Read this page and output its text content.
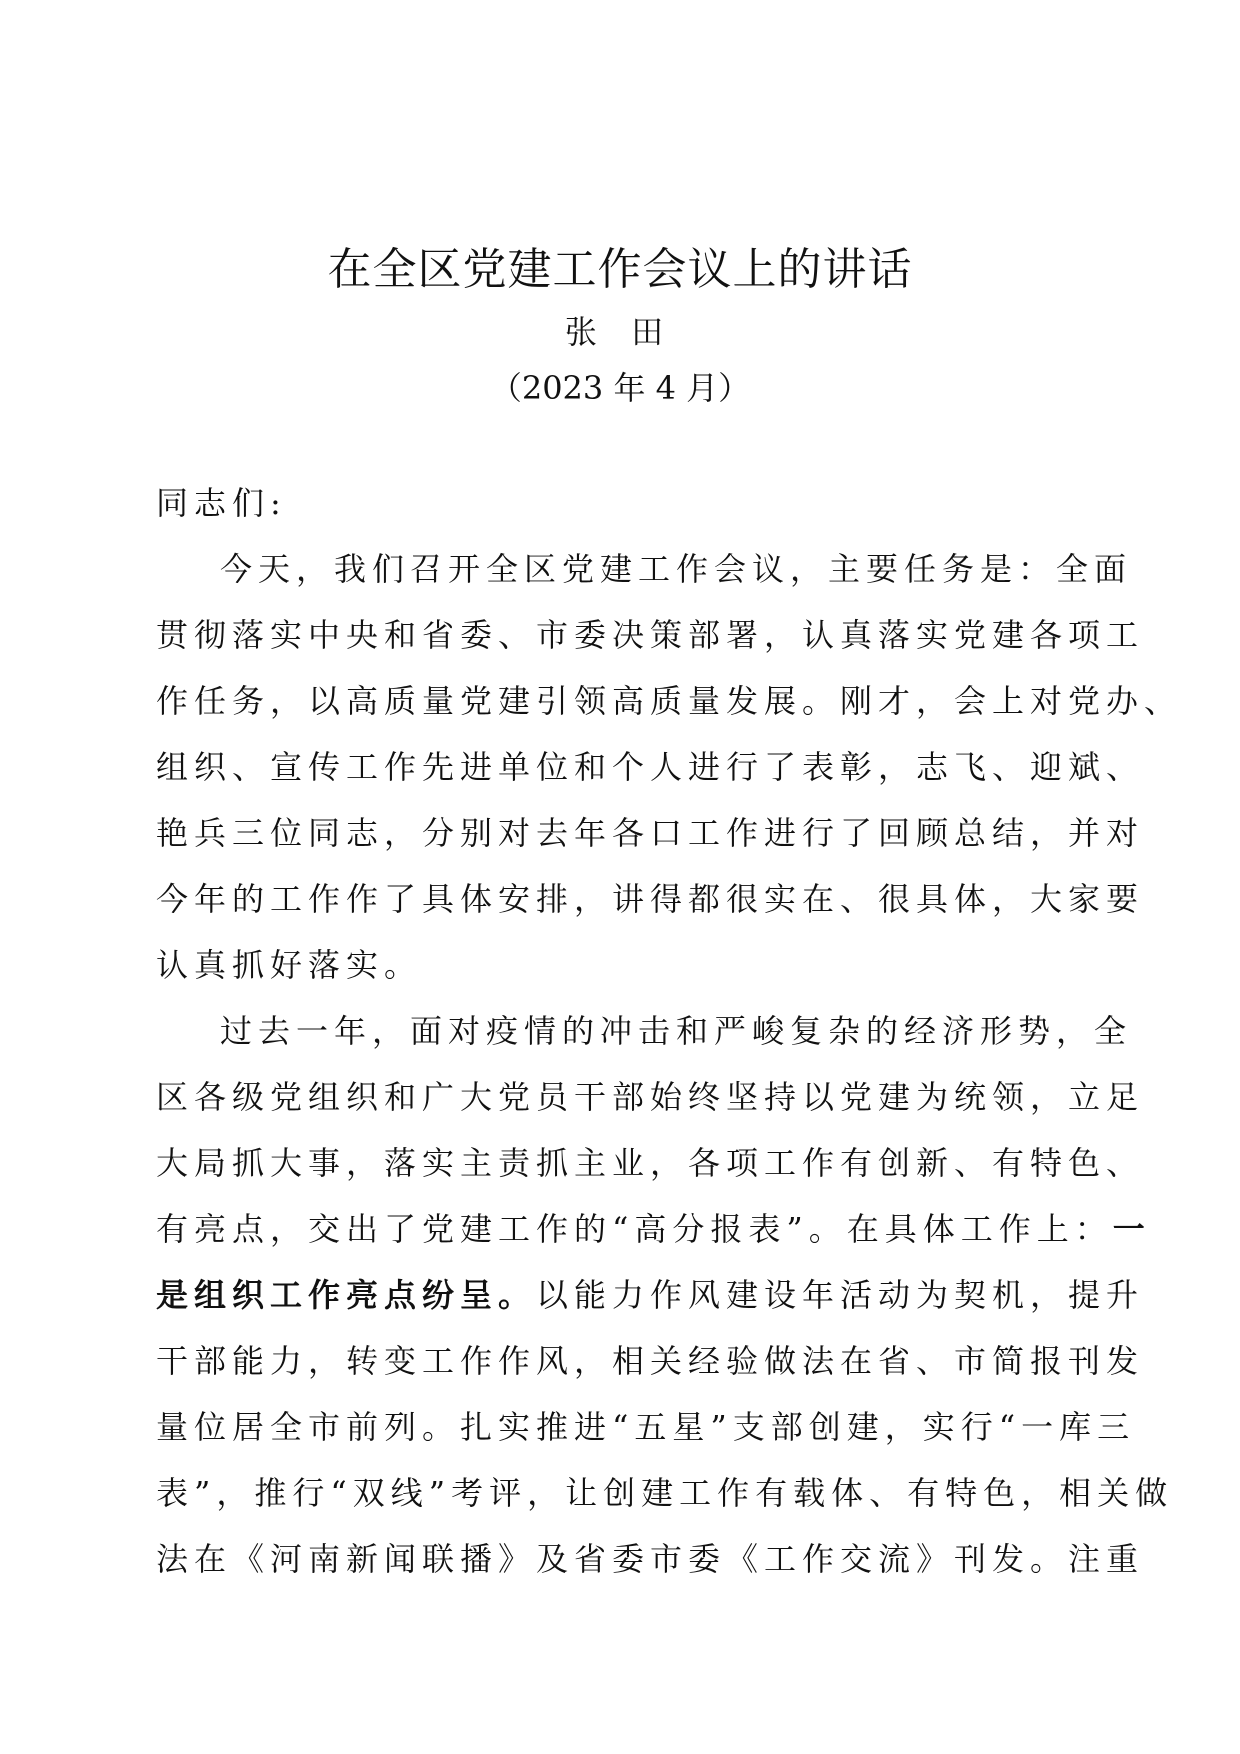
在全区党建工作会议上的讲话
张 田
（2023 年 4 月）
同志们:
今天，我们召开全区党建工作会议，主要任务是：全面
贯彻落实中央和省委、市委决策部署，认真落实党建各项工
作任务，以高质量党建引领高质量发展。刚才，会上对党办、
组织、宣传工作先进单位和个人进行了表彰，志飞、迎斌、
艳兵三位同志，分别对去年各口工作进行了回顾总结，并对
今年的工作作了具体安排，讲得都很实在、很具体，大家要
认真抓好落实。
过去一年，面对疫情的冲击和严峻复杂的经济形势，全
区各级党组织和广大党员干部始终坚持以党建为统领，立足
大局抓大事，落实主责抓主业，各项工作有创新、有特色、
有亮点，交出了党建工作的“高分报表”。在具体工作上：一
是组织工作亮点纷呈。以能力作风建设年活动为契机，提升
干部能力，转变工作作风，相关经验做法在省、市简报刊发
量位居全市前列。扎实推进“五星”支部创建，实行“一库三
表”，推行“双线”考评，让创建工作有载体、有特色，相关做
法在《河南新闻联播》及省委市委《工作交流》刊发。注重
